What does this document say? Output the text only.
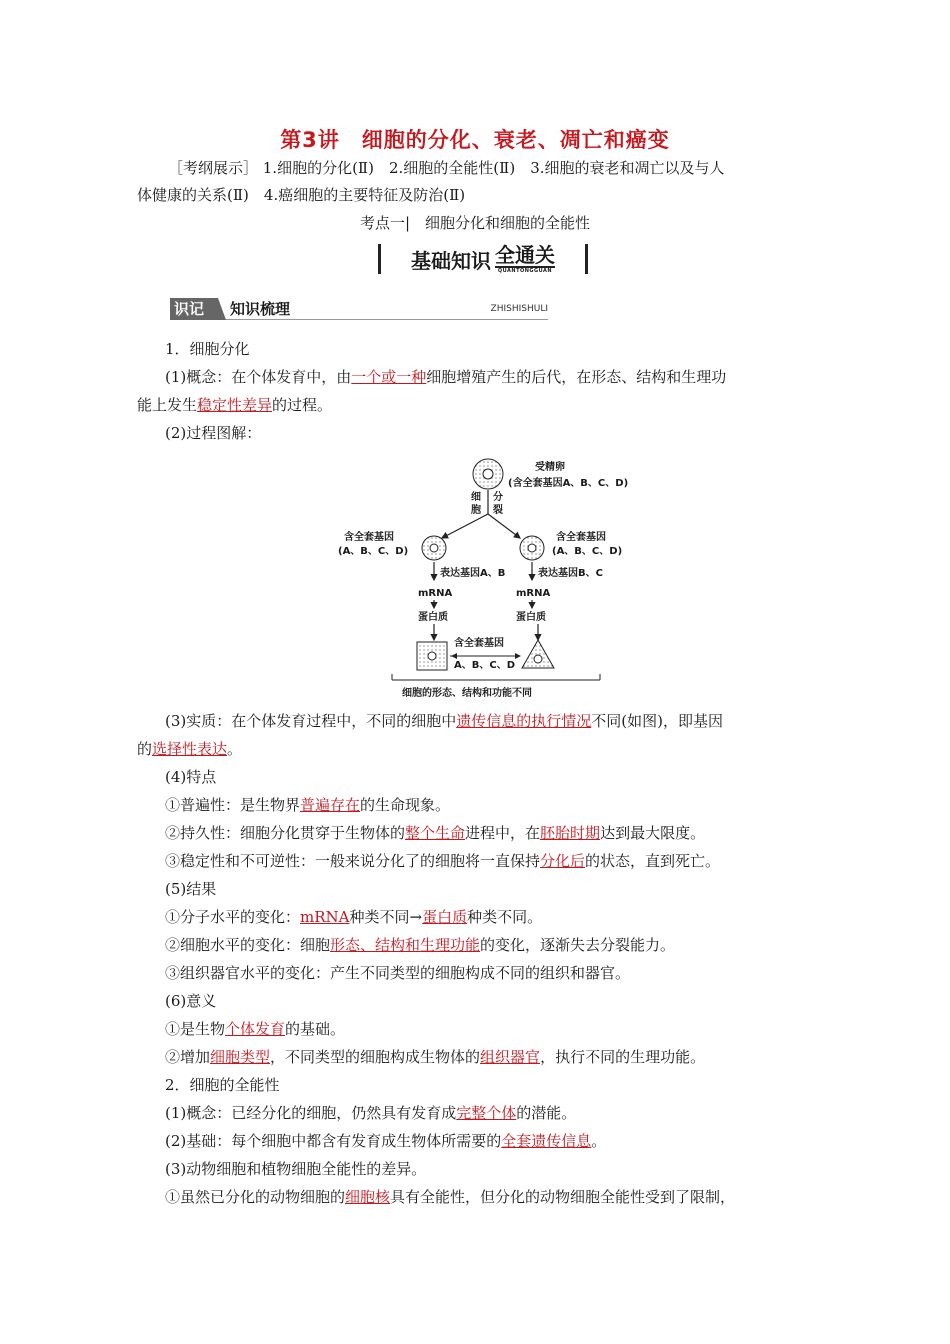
第3讲　细胞的分化、衰老、凋亡和癌变
［考纲展示］ 1.细胞的分化(Ⅱ)　2.细胞的全能性(Ⅱ)　3.细胞的衰老和凋亡以及与人
体健康的关系(Ⅱ)　4.癌细胞的主要特征及防治(Ⅱ)
考点一|　细胞分化和细胞的全能性
基础知识 全通关
QUANTONGGUAN
识记	知识梳理	ZHISHISHULI
1．细胞分化
(1)概念：在个体发育中，由一个或一种细胞增殖产生的后代，在形态、结构和生理功
能上发生稳定性差异的过程。
(2)过程图解：
受精卵
(含全套基因A、B、C、D)
细
胞
分
裂
含全套基因
(A、B、C、D)
含全套基因
(A、B、C、D)
表达基因A、B	表达基因B、C
mRNA	mRNA
蛋白质	蛋白质
含全套基因
A、B、C、D
细胞的形态、结构和功能不同
(3)实质：在个体发育过程中，不同的细胞中遗传信息的执行情况不同(如图)，即基因
的选择性表达。
(4)特点
①普遍性：是生物界普遍存在的生命现象。
②持久性：细胞分化贯穿于生物体的整个生命进程中，在胚胎时期达到最大限度。
③稳定性和不可逆性：一般来说分化了的细胞将一直保持分化后的状态，直到死亡。
(5)结果
①分子水平的变化：mRNA种类不同→蛋白质种类不同。
②细胞水平的变化：细胞形态、结构和生理功能的变化，逐渐失去分裂能力。
③组织器官水平的变化：产生不同类型的细胞构成不同的组织和器官。
(6)意义
①是生物个体发育的基础。
②增加细胞类型，不同类型的细胞构成生物体的组织器官，执行不同的生理功能。
2．细胞的全能性
(1)概念：已经分化的细胞，仍然具有发育成完整个体的潜能。
(2)基础：每个细胞中都含有发育成生物体所需要的全套遗传信息。
(3)动物细胞和植物细胞全能性的差异。
①虽然已分化的动物细胞的细胞核具有全能性，但分化的动物细胞全能性受到了限制，
